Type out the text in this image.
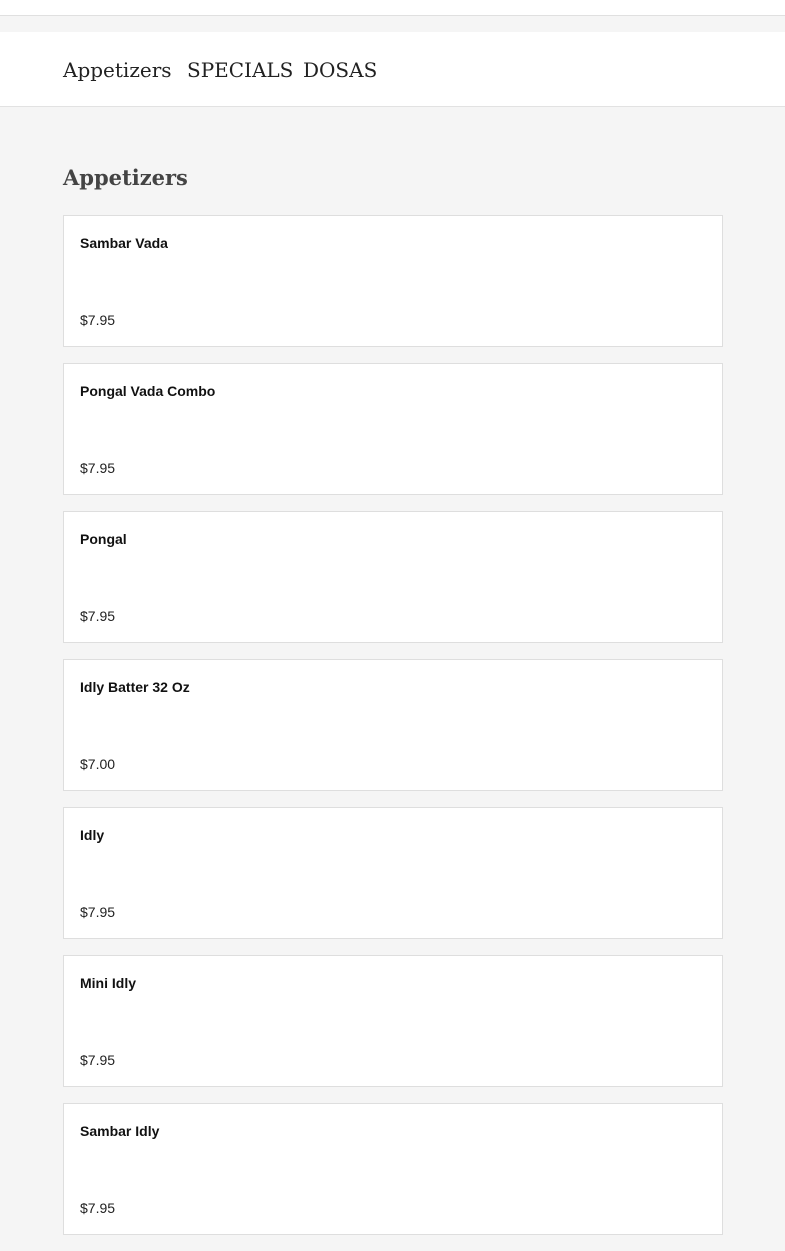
Appetizers SPECIALS DOSAS
Appetizers
Sambar Vada
$7.95
Pongal Vada Combo
$7.95
Pongal
$7.95
Idly Batter 32 Oz
$7.00
Idly
$7.95
Mini Idly
$7.95
Sambar Idly
$7.95
